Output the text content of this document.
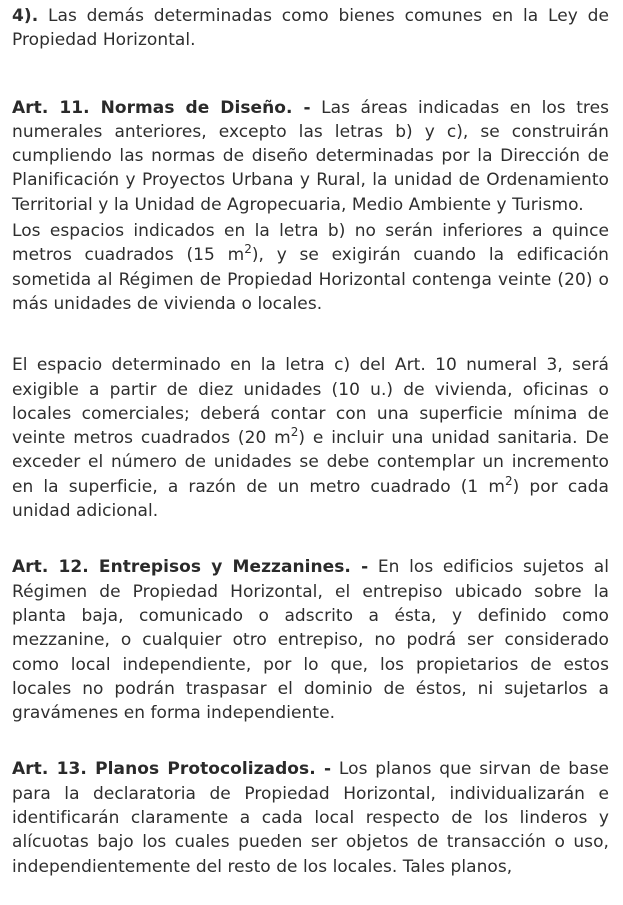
4). Las demás determinadas como bienes comunes en la Ley de Propiedad Horizontal.

Art. 11. Normas de Diseño. - Las áreas indicadas en los tres numerales anteriores, excepto las letras b) y c), se construirán cumpliendo las normas de diseño determinadas por la Dirección de Planificación y Proyectos Urbana y Rural, la unidad de Ordenamiento Territorial y la Unidad de Agropecuaria, Medio Ambiente y Turismo.

Los espacios indicados en la letra b) no serán inferiores a quince metros cuadrados (15 $m^2$), y se exigirán cuando la edificación sometida al Régimen de Propiedad Horizontal contenga veinte (20) o más unidades de vivienda o locales.

El espacio determinado en la letra c) del Art. 10 numeral 3, será exigible a partir de diez unidades (10 u.) de vivienda, oficinas o locales comerciales; deberá contar con una superficie mínima de veinte metros cuadrados (20 $m^2$) e incluir una unidad sanitaria. De exceder el número de unidades se debe contemplar un incremento en la superficie, a razón de un metro cuadrado (1 $m^2$) por cada unidad adicional.

Art. 12. Entrepisos y Mezzanines. - En los edificios sujetos al Régimen de Propiedad Horizontal, el entrepiso ubicado sobre la planta baja, comunicado o adscrito a ésta, y definido como mezzanine, o cualquier otro entrepiso, no podrá ser considerado como local independiente, por lo que, los propietarios de estos locales no podrán traspasar el dominio de éstos, ni sujetarlos a gravámenes en forma independiente.

Art. 13. Planos Protocolizados. - Los planos que sirvan de base para la declaratoria de Propiedad Horizontal, individualizarán e identificarán claramente a cada local respecto de los linderos y alícuotas bajo los cuales pueden ser objetos de transacción o uso, independientemente del resto de los locales. Tales planos,
